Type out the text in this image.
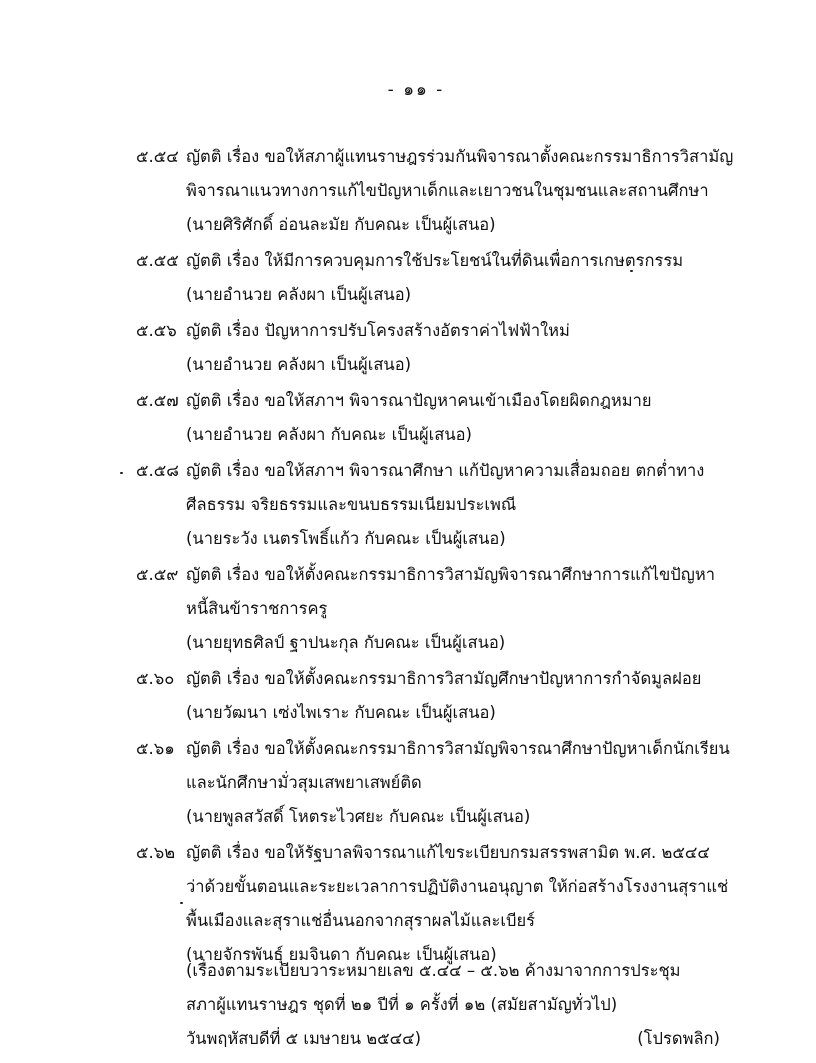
- ๑๑ -
๕.๕๔ ญัตติ เรื่อง ขอให้สภาผู้แทนราษฎรร่วมกันพิจารณาตั้งคณะกรรมาธิการวิสามัญ
พิจารณาแนวทางการแก้ไขปัญหาเด็กและเยาวชนในชุมชนและสถานศึกษา
(นายศิริศักดิ์ อ่อนละมัย กับคณะ เป็นผู้เสนอ)
๕.๕๕ ญัตติ เรื่อง ให้มีการควบคุมการใช้ประโยชน์ในที่ดินเพื่อการเกษตรกรรม
(นายอำนวย คลังผา เป็นผู้เสนอ)
๕.๕๖ ญัตติ เรื่อง ปัญหาการปรับโครงสร้างอัตราค่าไฟฟ้าใหม่
(นายอำนวย คลังผา เป็นผู้เสนอ)
๕.๕๗ ญัตติ เรื่อง ขอให้สภาฯ พิจารณาปัญหาคนเข้าเมืองโดยผิดกฎหมาย
(นายอำนวย คลังผา กับคณะ เป็นผู้เสนอ)
๕.๕๘ ญัตติ เรื่อง ขอให้สภาฯ พิจารณาศึกษา แก้ปัญหาความเสื่อมถอย ตกต่ำทาง
ศีลธรรม จริยธรรมและขนบธรรมเนียมประเพณี
(นายระวัง เนตรโพธิ์แก้ว กับคณะ เป็นผู้เสนอ)
๕.๕๙ ญัตติ เรื่อง ขอให้ตั้งคณะกรรมาธิการวิสามัญพิจารณาศึกษาการแก้ไขปัญหา
หนี้สินข้าราชการครู
(นายยุทธศิลป์ ฐาปนะกุล กับคณะ เป็นผู้เสนอ)
๕.๖๐ ญัตติ เรื่อง ขอให้ตั้งคณะกรรมาธิการวิสามัญศึกษาปัญหาการกำจัดมูลฝอย
(นายวัฒนา เซ่งไพเราะ กับคณะ เป็นผู้เสนอ)
๕.๖๑ ญัตติ เรื่อง ขอให้ตั้งคณะกรรมาธิการวิสามัญพิจารณาศึกษาปัญหาเด็กนักเรียน
และนักศึกษามั่วสุมเสพยาเสพย์ติด
(นายพูลสวัสดิ์ โหตระไวศยะ กับคณะ เป็นผู้เสนอ)
๕.๖๒ ญัตติ เรื่อง ขอให้รัฐบาลพิจารณาแก้ไขระเบียบกรมสรรพสามิต พ.ศ. ๒๕๔๔
ว่าด้วยขั้นตอนและระยะเวลาการปฏิบัติงานอนุญาต ให้ก่อสร้างโรงงานสุราแช่
พื้นเมืองและสุราแช่อื่นนอกจากสุราผลไม้และเบียร์
(นายจักรพันธุ์ ยมจินดา กับคณะ เป็นผู้เสนอ)
(เรื่องตามระเบียบวาระหมายเลข ๕.๔๔ – ๕.๖๒ ค้างมาจากการประชุม
สภาผู้แทนราษฎร ชุดที่ ๒๑ ปีที่ ๑ ครั้งที่ ๑๒ (สมัยสามัญทั่วไป)
วันพฤหัสบดีที่ ๕ เมษายน ๒๕๔๔)	(โปรดพลิก)
